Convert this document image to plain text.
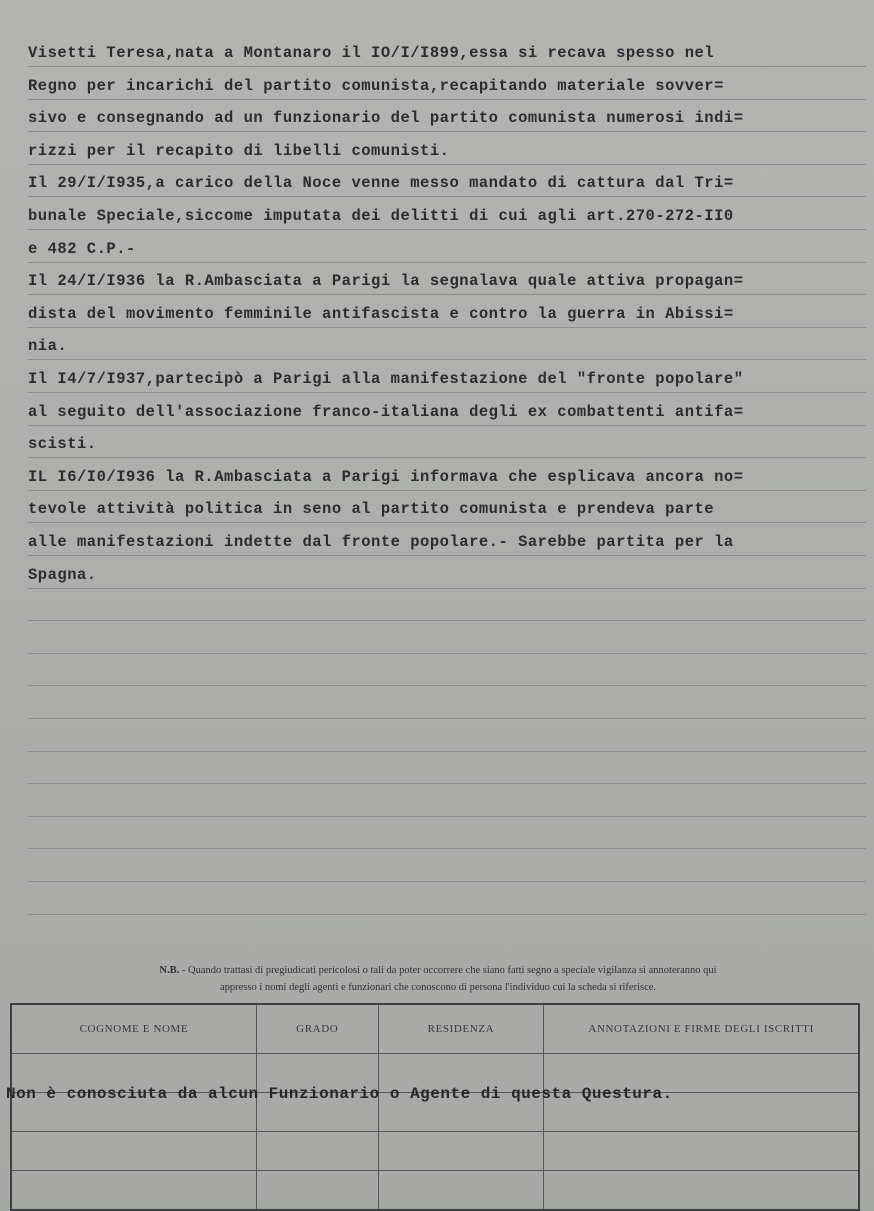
Visetti Teresa,nata a Montanaro il IO/I/I899,essa si recava spesso nel
Regno per incarichi del partito comunista,recapitando materiale sovver=
sivo e consegnando ad un funzionario del partito comunista numerosi indi=
rizzi per il recapito di libelli comunisti.
Il 29/I/I935,a carico della Noce venne messo mandato di cattura dal Tri=
bunale Speciale,siccome imputata dei delitti di cui agli art.270-272-II0
e 482 C.P.-
Il 24/I/I936 la R.Ambasciata a Parigi la segnalava quale attiva propagan=
dista del movimento femminile antifascista e contro la guerra in Abissi=
nia.
Il I4/7/I937,partecipò a Parigi alla manifestazione del "fronte popolare"
al seguito dell'associazione franco-italiana degli ex combattenti antifa=
scisti.
IL I6/I0/I936 la R.Ambasciata a Parigi informava che esplicava ancora no=
tevole attività politica in seno al partito comunista e prendeva parte
alle manifestazioni indette dal fronte popolare.- Sarebbe partita per la
Spagna.
N.B. - Quando trattasi di pregiudicati pericolosi o tali da poter occorrere che siano fatti segno a speciale vigilanza si annoteranno qui
appresso i nomi degli agenti e funzionari che conoscono di persona l'individuo cui la scheda si riferisce.
COGNOME E NOME	GRADO	RESIDENZA	ANNOTAZIONI E FIRME DEGLI ISCRITTI

Non è conosciuta da alcun Funzionario o Agente di questa Questura.
